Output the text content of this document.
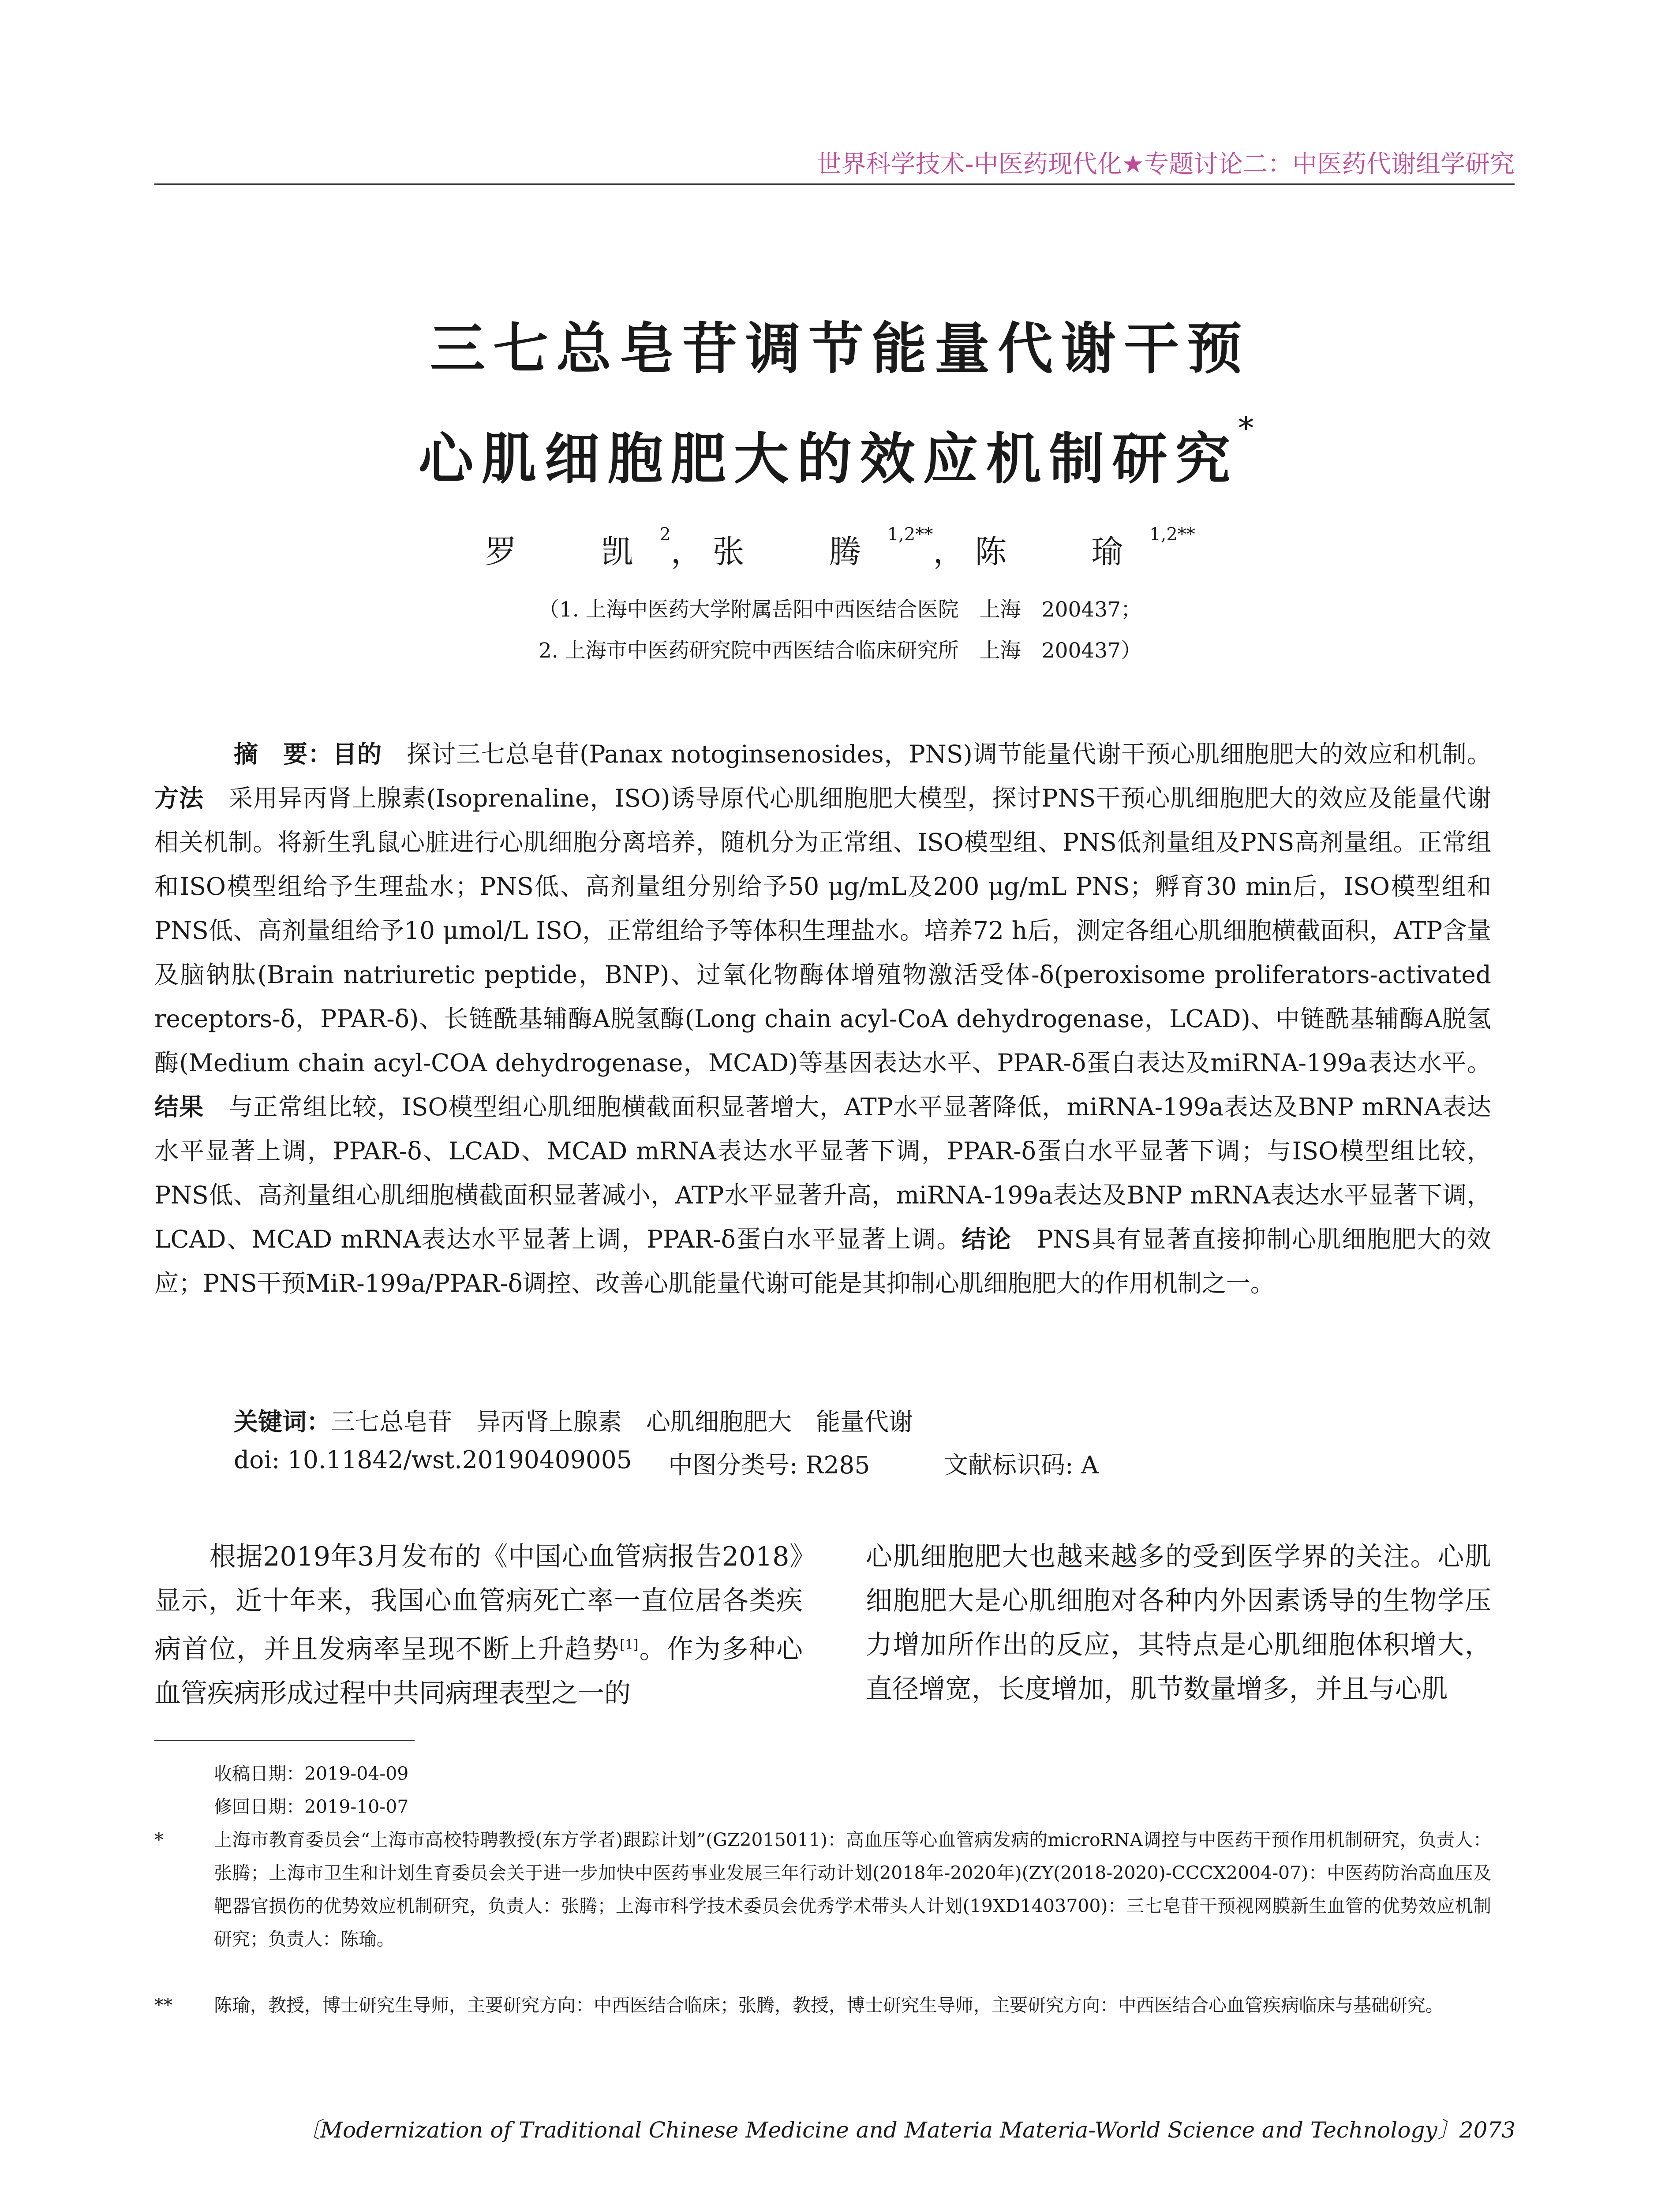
世界科学技术-中医药现代化★专题讨论二：中医药代谢组学研究
三七总皂苷调节能量代谢干预
心肌细胞肥大的效应机制研究*
罗　凯$^2$， 张　腾$^{1,2**}$， 陈　瑜$^{1,2**}$
（1. 上海中医药大学附属岳阳中西医结合医院　上海　200437；
2. 上海市中医药研究院中西医结合临床研究所　上海　200437）
摘　要：目的　 探讨三七总皂苷(Panax notoginsenosides，PNS)调节能量代谢干预心肌细胞肥大的效应和机制。方法　 采用异丙肾上腺素(Isoprenaline，ISO)诱导原代心肌细胞肥大模型，探讨PNS干预心肌细胞肥大的效应及能量代谢相关机制。将新生乳鼠心脏进行心肌细胞分离培养，随机分为正常组、ISO模型组、PNS低剂量组及PNS高剂量组。正常组和ISO模型组给予生理盐水；PNS低、高剂量组分别给予50 μg/mL及200 μg/mL PNS；孵育30 min后，ISO模型组和PNS低、高剂量组给予10 μmol/L ISO，正常组给予等体积生理盐水。培养72 h后，测定各组心肌细胞横截面积，ATP含量及脑钠肽(Brain natriuretic peptide，BNP)、过氧化物酶体增殖物激活受体-δ(peroxisome proliferators-activated receptors-δ，PPAR-δ)、长链酰基辅酶A脱氢酶(Long chain acyl-CoA dehydrogenase，LCAD)、中链酰基辅酶A脱氢酶(Medium chain acyl-COA dehydrogenase，MCAD)等基因表达水平、PPAR-δ蛋白表达及miRNA-199a表达水平。结果　 与正常组比较，ISO模型组心肌细胞横截面积显著增大，ATP水平显著降低，miRNA-199a表达及BNP mRNA表达水平显著上调，PPAR-δ、LCAD、MCAD mRNA表达水平显著下调，PPAR-δ蛋白水平显著下调；与ISO模型组比较，PNS低、高剂量组心肌细胞横截面积显著减小，ATP水平显著升高，miRNA-199a表达及BNP mRNA表达水平显著下调，LCAD、MCAD mRNA表达水平显著上调，PPAR-δ蛋白水平显著上调。结论　 PNS具有显著直接抑制心肌细胞肥大的效应；PNS干预MiR-199a/PPAR-δ调控、改善心肌能量代谢可能是其抑制心肌细胞肥大的作用机制之一。
关键词：三七总皂苷　异丙肾上腺素　心肌细胞肥大　能量代谢
doi: 10.11842/wst.20190409005 中图分类号: R285	文献标识码: A
根据2019年3月发布的《中国心血管病报告2018》显示，近十年来，我国心血管病死亡率一直位居各类疾病首位，并且发病率呈现不断上升趋势[1]。作为多种心血管疾病形成过程中共同病理表型之一的
心肌细胞肥大也越来越多的受到医学界的关注。心肌细胞肥大是心肌细胞对各种内外因素诱导的生物学压力增加所作出的反应，其特点是心肌细胞体积增大，直径增宽，长度增加，肌节数量增多，并且与心肌
收稿日期：2019-04-09
修回日期：2019-10-07
*	上海市教育委员会“上海市高校特聘教授(东方学者)跟踪计划”(GZ2015011)：高血压等心血管病发病的microRNA调控与中医药干预作用机制研究，负责人：张腾；上海市卫生和计划生育委员会关于进一步加快中医药事业发展三年行动计划(2018年-2020年)(ZY(2018-2020)-CCCX2004-07)：中医药防治高血压及靶器官损伤的优势效应机制研究，负责人：张腾；上海市科学技术委员会优秀学术带头人计划(19XD1403700)：三七皂苷干预视网膜新生血管的优势效应机制研究；负责人：陈瑜。
**	陈瑜，教授，博士研究生导师，主要研究方向：中西医结合临床；张腾，教授，博士研究生导师，主要研究方向：中西医结合心血管疾病临床与基础研究。
〔Modernization of Traditional Chinese Medicine and Materia Materia-World Science and Technology〕2073
